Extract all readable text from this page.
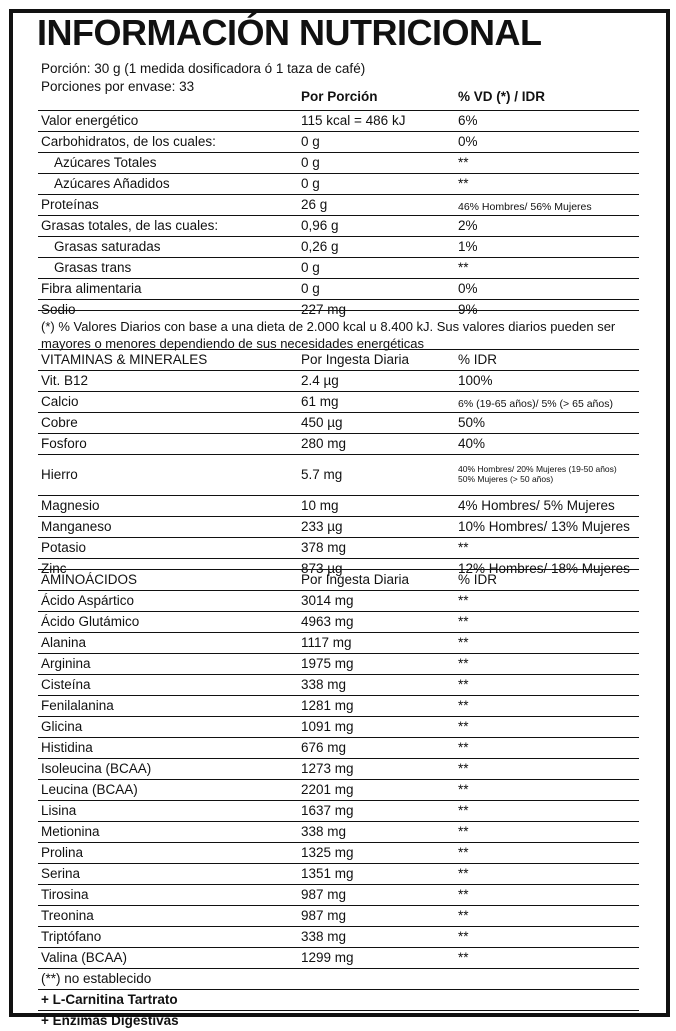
INFORMACIÓN NUTRICIONAL
Porción: 30 g (1 medida dosificadora ó 1 taza de café)
Porciones por envase: 33
Por Porción	% VD (*) / IDR
Valor energético	115 kcal = 486 kJ	6%
Carbohidratos, de los cuales:	0 g	0%
Azúcares Totales	0 g	**
Azúcares Añadidos	0 g	**
Proteínas	26 g	46% Hombres/ 56% Mujeres
Grasas totales, de las cuales:	0,96 g	2%
Grasas saturadas	0,26 g	1%
Grasas trans	0 g	**
Fibra alimentaria	0 g	0%
Sodio	227 mg	9%
(*) % Valores Diarios con base a una dieta de 2.000 kcal u 8.400 kJ. Sus valores diarios pueden ser mayores o menores dependiendo de sus necesidades energéticas
VITAMINAS & MINERALES	Por Ingesta Diaria	% IDR
Vit. B12	2.4 µg	100%
Calcio	61 mg	6% (19-65 años)/ 5% (> 65 años)
Cobre	450 µg	50%
Fosforo	280 mg	40%
Hierro	5.7 mg	40% Hombres/ 20% Mujeres (19-50 años)
50% Mujeres (> 50 años)
Magnesio	10 mg	4% Hombres/ 5% Mujeres
Manganeso	233 µg	10% Hombres/ 13% Mujeres
Potasio	378 mg	**
Zinc	873 µg	12% Hombres/ 18% Mujeres
AMINOÁCIDOS	Por Ingesta Diaria	% IDR
Ácido Aspártico	3014 mg	**
Ácido Glutámico	4963 mg	**
Alanina	1117 mg	**
Arginina	1975 mg	**
Cisteína	338 mg	**
Fenilalanina	1281 mg	**
Glicina	1091 mg	**
Histidina	676 mg	**
Isoleucina (BCAA)	1273 mg	**
Leucina (BCAA)	2201 mg	**
Lisina	1637 mg	**
Metionina	338 mg	**
Prolina	1325 mg	**
Serina	1351 mg	**
Tirosina	987 mg	**
Treonina	987 mg	**
Triptófano	338 mg	**
Valina (BCAA)	1299 mg	**
(**) no establecido
+ L-Carnitina Tartrato
+ Enzimas Digestivas
